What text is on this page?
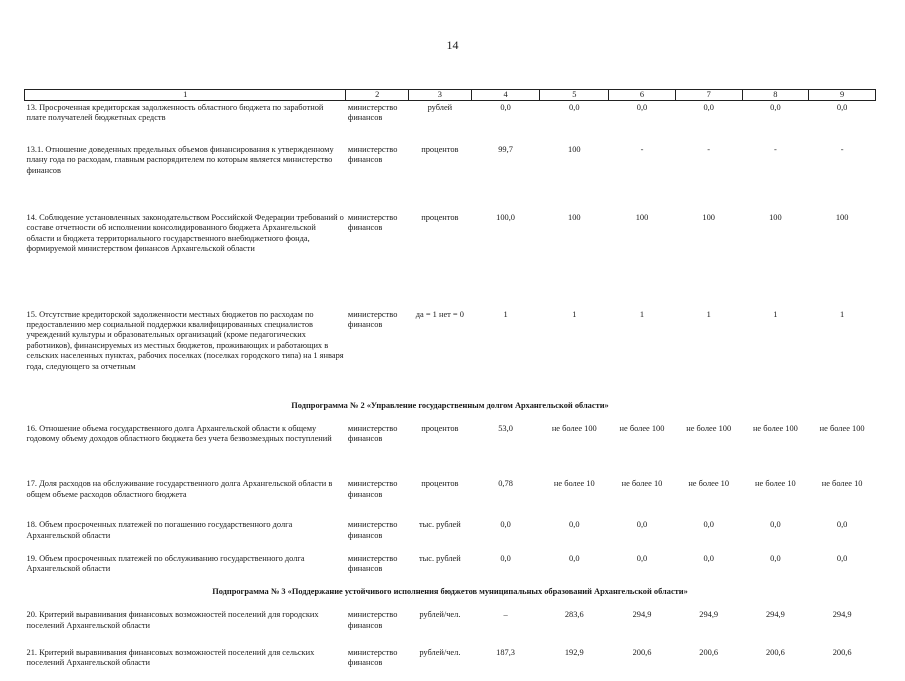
14
1	2	3	4	5	6	7	8	9
13. Просроченная кредиторская задолженность областного бюджета по заработной плате получателей бюджетных средств	министерство финансов	рублей	0,0	0,0	0,0	0,0	0,0	0,0
13.1. Отношение доведенных предельных объемов финансирования к утвержденному плану года по расходам, главным распорядителем по которым является министерство финансов	министерство финансов	процентов	99,7	100	-	-	-	-
14. Соблюдение установленных законодательством Российской Федерации требований о составе отчетности об исполнении консолидированного бюджета Архангельской области и бюджета территориального государственного внебюджетного фонда, формируемой министерством финансов Архангельской области	министерство финансов	процентов	100,0	100	100	100	100	100
15. Отсутствие кредиторской задолженности местных бюджетов по расходам по предоставлению мер социальной поддержки квалифицированных специалистов учреждений культуры и образовательных организаций (кроме педагогических работников), финансируемых из местных бюджетов, проживающих и работающих в сельских населенных пунктах, рабочих поселках (поселках городского типа) на 1 января года, следующего за отчетным	министерство финансов	да = 1 нет = 0	1	1	1	1	1	1
Подпрограмма № 2 «Управление государственным долгом Архангельской области»								
16. Отношение объема государственного долга Архангельской области к общему годовому объему доходов областного бюджета без учета безвозмездных поступлений	министерство финансов	процентов	53,0	не более 100	не более 100	не более 100	не более 100	не более 100
17. Доля расходов на обслуживание государственного долга Архангельской области в общем объеме расходов областного бюджета	министерство финансов	процентов	0,78	не более 10	не более 10	не более 10	не более 10	не более 10
18. Объем просроченных платежей по погашению государственного долга Архангельской области	министерство финансов	тыс. рублей	0,0	0,0	0,0	0,0	0,0	0,0
19. Объем просроченных платежей по обслуживанию государственного долга Архангельской области	министерство финансов	тыс. рублей	0,0	0,0	0,0	0,0	0,0	0,0
Подпрограмма № 3 «Поддержание устойчивого исполнения бюджетов муниципальных образований Архангельской области»								
20. Критерий выравнивания финансовых возможностей поселений для городских поселений Архангельской области	министерство финансов	рублей/чел.	–	283,6	294,9	294,9	294,9	294,9
21. Критерий выравнивания финансовых возможностей поселений для сельских поселений Архангельской области	министерство финансов	рублей/чел.	187,3	192,9	200,6	200,6	200,6	200,6
